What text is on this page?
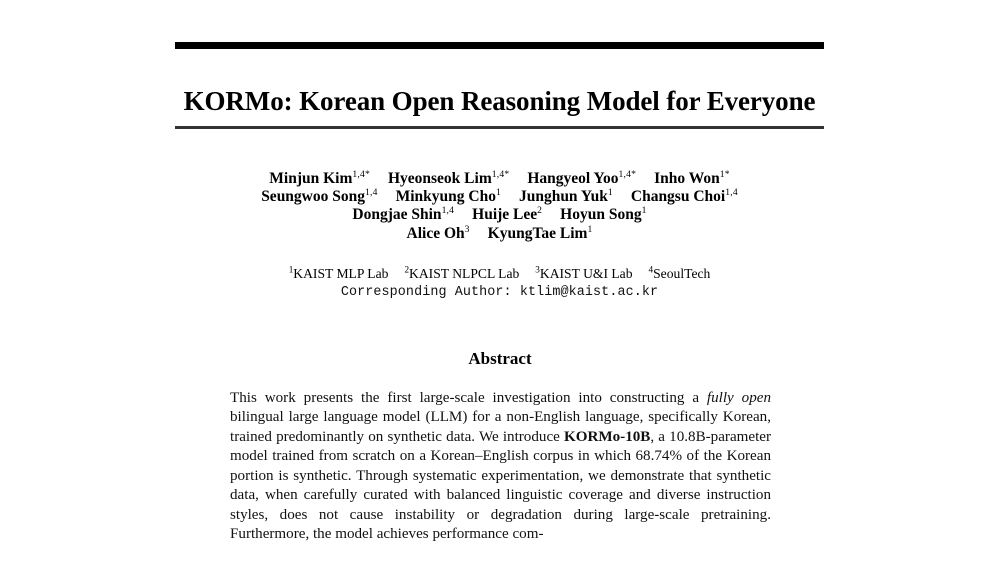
KORMo: Korean Open Reasoning Model for Everyone
Minjun Kim$^{1,4*}$ Hyeonseok Lim$^{1,4*}$ Hangyeol Yoo$^{1,4*}$ Inho Won$^{1*}$
Seungwoo Song$^{1,4}$ Minkyung Cho$^1$ Junghun Yuk$^1$ Changsu Choi$^{1,4}$
Dongjae Shin$^{1,4}$ Huije Lee$^2$ Hoyun Song$^1$
Alice Oh$^3$ KyungTae Lim$^1$
$^1$KAIST MLP Lab $^2$KAIST NLPCL Lab $^3$KAIST U&I Lab $^4$SeoulTech
Corresponding Author: ktlim@kaist.ac.kr
Abstract
This work presents the first large-scale investigation into constructing a fully open bilingual large language model (LLM) for a non-English language, specifically Korean, trained predominantly on synthetic data. We introduce KORMo-10B, a 10.8B-parameter model trained from scratch on a Korean–English corpus in which 68.74% of the Korean portion is synthetic. Through systematic experimentation, we demonstrate that synthetic data, when carefully curated with balanced linguistic coverage and diverse instruction styles, does not cause instability or degradation during large-scale pretraining. Furthermore, the model achieves performance com-
